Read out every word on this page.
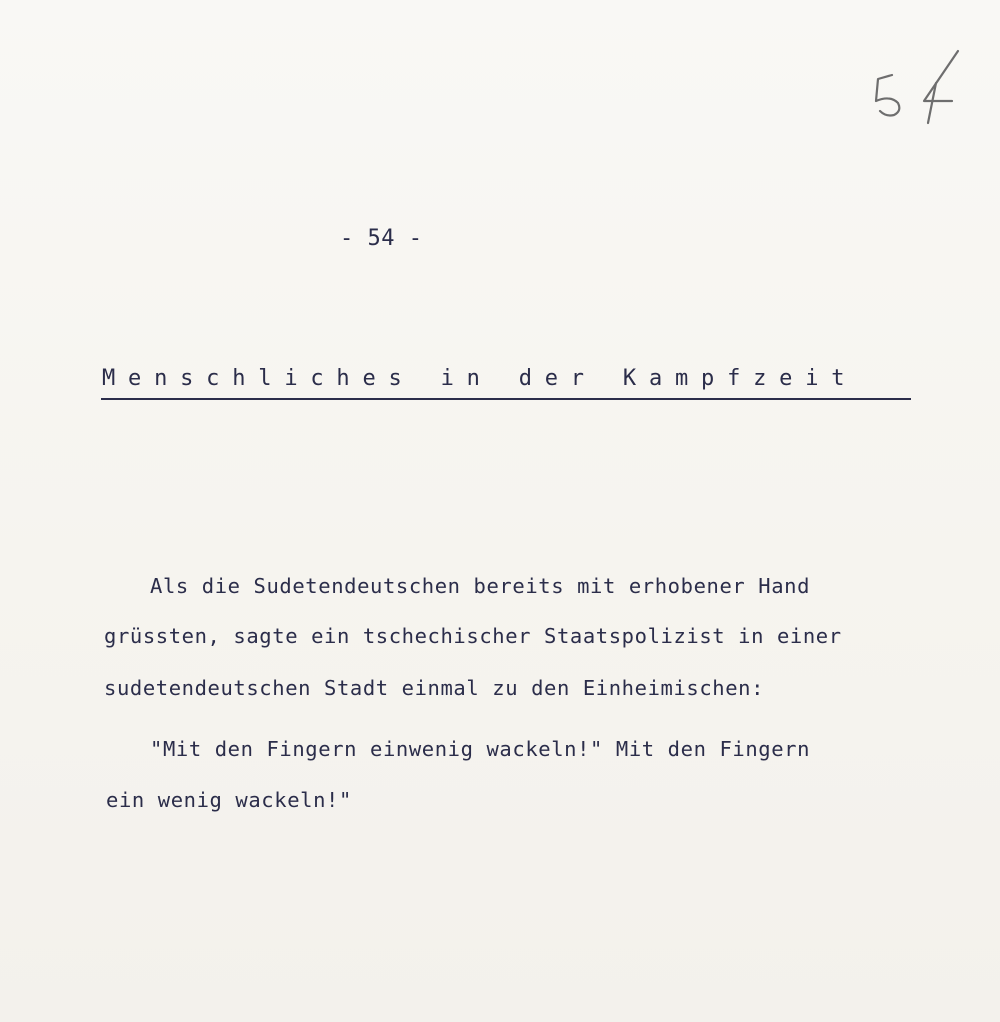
- 54 -
Menschliches in der Kampfzeit
Als die Sudetendeutschen bereits mit erhobener Hand
grüssten, sagte ein tschechischer Staatspolizist in einer
sudetendeutschen Stadt einmal zu den Einheimischen:
"Mit den Fingern einwenig wackeln!" Mit den Fingern
ein wenig wackeln!"
